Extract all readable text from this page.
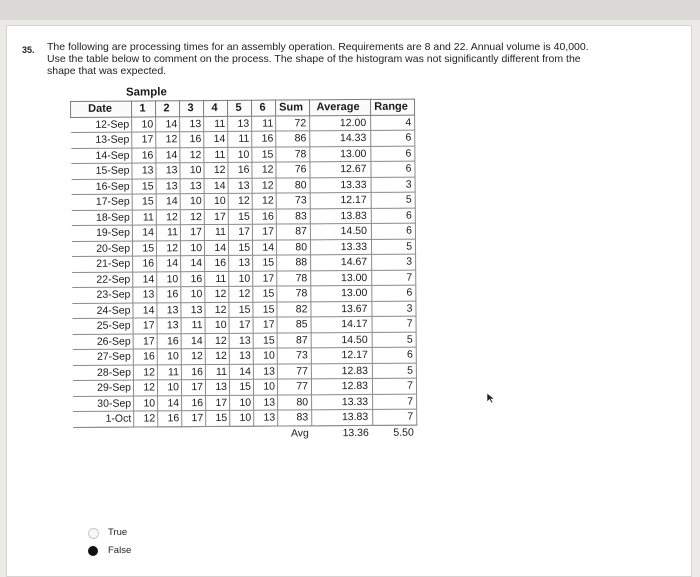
35. The following are processing times for an assembly operation. Requirements are 8 and 22. Annual volume is 40,000. Use the table below to comment on the process. The shape of the histogram was not significantly different from the shape that was expected.
Sample
Date	1	2	3	4	5	6	Sum	Average	Range
12-Sep	10	14	13	11	13	11	72	12.00	4
13-Sep	17	12	16	14	11	16	86	14.33	6
14-Sep	16	14	12	11	10	15	78	13.00	6
15-Sep	13	13	10	12	16	12	76	12.67	6
16-Sep	15	13	13	14	13	12	80	13.33	3
17-Sep	15	14	10	10	12	12	73	12.17	5
18-Sep	11	12	12	17	15	16	83	13.83	6
19-Sep	14	11	17	11	17	17	87	14.50	6
20-Sep	15	12	10	14	15	14	80	13.33	5
21-Sep	16	14	14	16	13	15	88	14.67	3
22-Sep	14	10	16	11	10	17	78	13.00	7
23-Sep	13	16	10	12	12	15	78	13.00	6
24-Sep	14	13	13	12	15	15	82	13.67	3
25-Sep	17	13	11	10	17	17	85	14.17	7
26-Sep	17	16	14	12	13	15	87	14.50	5
27-Sep	16	10	12	12	13	10	73	12.17	6
28-Sep	12	11	16	11	14	13	77	12.83	5
29-Sep	12	10	17	13	15	10	77	12.83	7
30-Sep	10	14	16	17	10	13	80	13.33	7
1-Oct	12	16	17	15	10	13	83	13.83	7
							Avg	13.36	5.50
True
False
